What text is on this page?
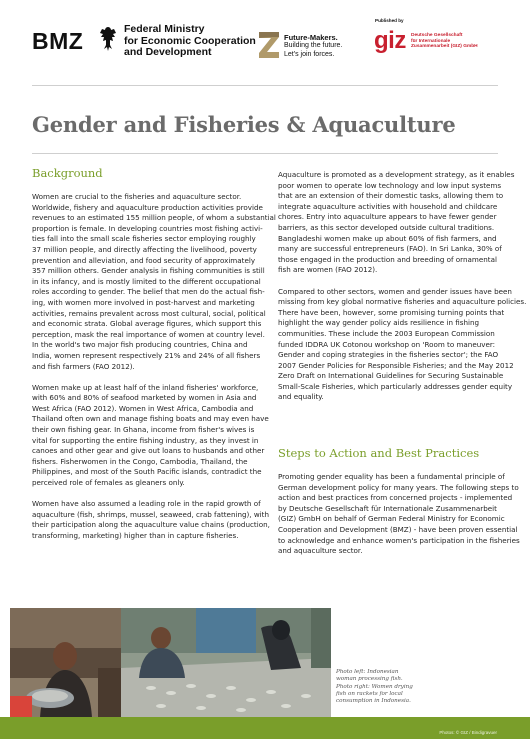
BMZ	Federal Ministry
for Economic Cooperation
and Development
Future-Makers.
Building the future.
Let's join forces.
Published by
giz Deutsche Gesellschaft
für Internationale
Zusammenarbeit (GIZ) GmbH
Gender and Fisheries & Aquaculture
Background

Women are crucial to the fisheries and aquaculture sector.
Worldwide, fishery and aquaculture production activities provide
revenues to an estimated 155 million people, of whom a substantial
proportion is female. In developing countries most fishing activi-
ties fall into the small scale fisheries sector employing roughly
37 million people, and directly affecting the livelihood, poverty
prevention and alleviation, and food security of approximately
357 million others. Gender analysis in fishing communities is still
in its infancy, and is mostly limited to the different occupational
roles according to gender. The belief that men do the actual fish-
ing, with women more involved in post-harvest and marketing
activities, remains prevalent across most cultural, social, political
and economic strata. Global average figures, which support this
perception, mask the real importance of women at country level.
In the world's two major fish producing countries, China and
India, women represent respectively 21% and 24% of all fishers
and fish farmers (FAO 2012).

Women make up at least half of the inland fisheries' workforce,
with 60% and 80% of seafood marketed by women in Asia and
West Africa (FAO 2012). Women in West Africa, Cambodia and
Thailand often own and manage fishing boats and may even have
their own fishing gear. In Ghana, income from fisher's wives is
vital for supporting the entire fishing industry, as they invest in
canoes and other gear and give out loans to husbands and other
fishers. Fisherwomen in the Congo, Cambodia, Thailand, the
Philippines, and most of the South Pacific islands, contradict the
perceived role of females as gleaners only.

Women have also assumed a leading role in the rapid growth of
aquaculture (fish, shrimps, mussel, seaweed, crab fattening), with
their participation along the aquaculture value chains (production,
transforming, marketing) higher than in capture fisheries.

Aquaculture is promoted as a development strategy, as it enables
poor women to operate low technology and low input systems
that are an extension of their domestic tasks, allowing them to
integrate aquaculture activities with household and childcare
chores. Entry into aquaculture appears to have fewer gender
barriers, as this sector developed outside cultural traditions.
Bangladeshi women make up about 60% of fish farmers, and
many are successful entrepreneurs (FAO). In Sri Lanka, 30% of
those engaged in the production and breeding of ornamental
fish are women (FAO 2012).

Compared to other sectors, women and gender issues have been
missing from key global normative fisheries and aquaculture policies.
There have been, however, some promising turning points that
highlight the way gender policy aids resilience in fishing
communities. These include the 2003 European Commission
funded IDDRA UK Cotonou workshop on 'Room to maneuver:
Gender and coping strategies in the fisheries sector'; the FAO
2007 Gender Policies for Responsible Fisheries; and the May 2012
Zero Draft on International Guidelines for Securing Sustainable
Small-Scale Fisheries, which particularly addresses gender equity
and equality.

Steps to Action and Best Practices

Promoting gender equality has been a fundamental principle of
German development policy for many years. The following steps to
action and best practices from concerned projects - implemented
by Deutsche Gesellschaft für Internationale Zusammenarbeit
(GIZ) GmbH on behalf of German Federal Ministry for Economic
Cooperation and Development (BMZ) - have been proven essential
to acknowledge and enhance women's participation in the fisheries
and aquaculture sector.

Photo left: Indonesian
woman processing fish.
Photo right: Women drying
fish on rackets for local
consumption in Indonesia.
Photos: © GIZ / Bindigravuer
